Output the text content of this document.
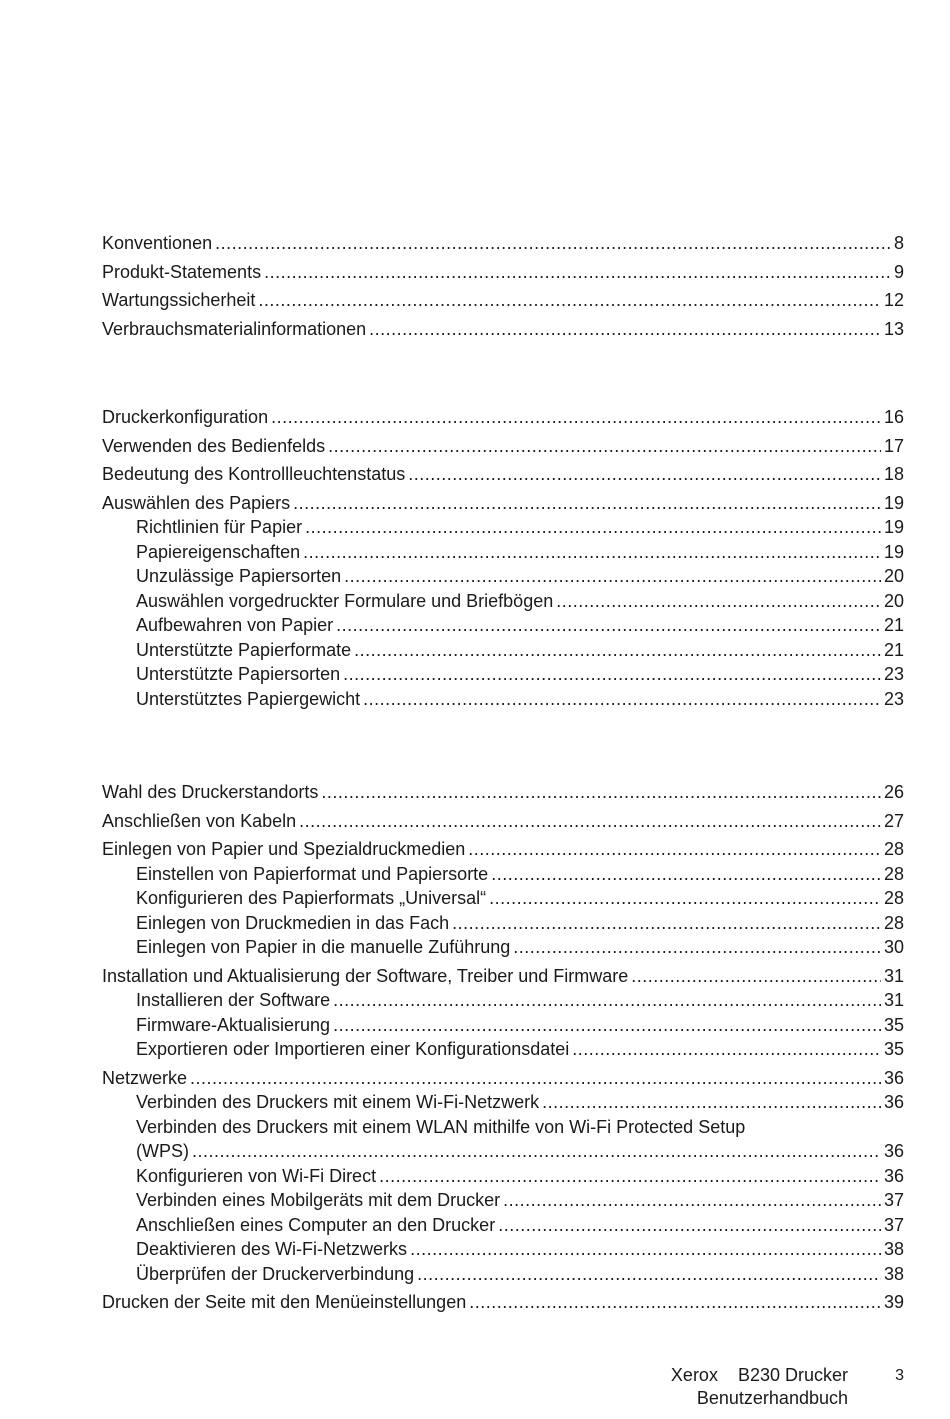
Konventionen .....	8
Produkt-Statements .....	9
Wartungssicherheit .....	12
Verbrauchsmaterialinformationen .....	13
Druckerkonfiguration .....	16
Verwenden des Bedienfelds .....	17
Bedeutung des Kontrollleuchtenstatus .....	18
Auswählen des Papiers .....	19
Richtlinien für Papier .....	19
Papiereigenschaften .....	19
Unzulässige Papiersorten .....	20
Auswählen vorgedruckter Formulare und Briefbögen .....	20
Aufbewahren von Papier .....	21
Unterstützte Papierformate .....	21
Unterstützte Papiersorten .....	23
Unterstütztes Papiergewicht .....	23
Wahl des Druckerstandorts .....	26
Anschließen von Kabeln .....	27
Einlegen von Papier und Spezialdruckmedien .....	28
Einstellen von Papierformat und Papiersorte .....	28
Konfigurieren des Papierformats „Universal“ .....	28
Einlegen von Druckmedien in das Fach .....	28
Einlegen von Papier in die manuelle Zuführung .....	30
Installation und Aktualisierung der Software, Treiber und Firmware .....	31
Installieren der Software .....	31
Firmware-Aktualisierung .....	35
Exportieren oder Importieren einer Konfigurationsdatei .....	35
Netzwerke .....	36
Verbinden des Druckers mit einem Wi-Fi-Netzwerk .....	36
Verbinden des Druckers mit einem WLAN mithilfe von Wi-Fi Protected Setup
(WPS) .....	36
Konfigurieren von Wi-Fi Direct .....	36
Verbinden eines Mobilgeräts mit dem Drucker .....	37
Anschließen eines Computer an den Drucker .....	37
Deaktivieren des Wi-Fi-Netzwerks .....	38
Überprüfen der Druckerverbindung .....	38
Drucken der Seite mit den Menüeinstellungen .....	39
Xerox    B230 Drucker
Benutzerhandbuch
3
